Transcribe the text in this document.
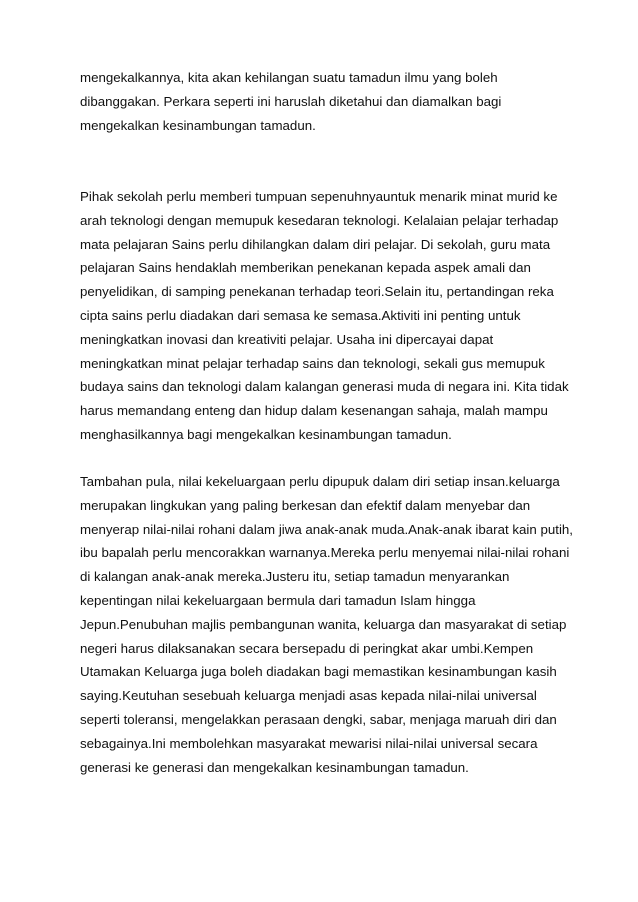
mengekalkannya, kita akan kehilangan suatu tamadun ilmu yang boleh
dibanggakan. Perkara seperti ini haruslah diketahui dan diamalkan bagi
mengekalkan kesinambungan tamadun.

Pihak sekolah perlu memberi tumpuan sepenuhnyauntuk menarik minat murid ke
arah teknologi dengan memupuk kesedaran teknologi. Kelalaian pelajar terhadap
mata pelajaran Sains perlu dihilangkan dalam diri pelajar. Di sekolah, guru mata
pelajaran Sains hendaklah memberikan penekanan kepada aspek amali dan
penyelidikan, di samping penekanan terhadap teori.Selain itu, pertandingan reka
cipta sains perlu diadakan dari semasa ke semasa.Aktiviti ini penting untuk
meningkatkan inovasi dan kreativiti pelajar. Usaha ini dipercayai dapat
meningkatkan minat pelajar terhadap sains dan teknologi, sekali gus memupuk
budaya sains dan teknologi dalam kalangan generasi muda di negara ini. Kita tidak
harus memandang enteng dan hidup dalam kesenangan sahaja, malah mampu
menghasilkannya bagi mengekalkan kesinambungan tamadun.

Tambahan pula, nilai kekeluargaan perlu dipupuk dalam diri setiap insan.keluarga
merupakan lingkukan yang paling berkesan dan efektif dalam menyebar dan
menyerap nilai-nilai rohani dalam jiwa anak-anak muda.Anak-anak ibarat kain putih,
ibu bapalah perlu mencorakkan warnanya.Mereka perlu menyemai nilai-nilai rohani
di kalangan anak-anak mereka.Justeru itu, setiap tamadun menyarankan
kepentingan nilai kekeluargaan bermula dari tamadun Islam hingga
Jepun.Penubuhan majlis pembangunan wanita, keluarga dan masyarakat di setiap
negeri harus dilaksanakan secara bersepadu di peringkat akar umbi.Kempen
Utamakan Keluarga juga boleh diadakan bagi memastikan kesinambungan kasih
saying.Keutuhan sesebuah keluarga menjadi asas kepada nilai-nilai universal
seperti toleransi, mengelakkan perasaan dengki, sabar, menjaga maruah diri dan
sebagainya.Ini membolehkan masyarakat mewarisi nilai-nilai universal secara
generasi ke generasi dan mengekalkan kesinambungan tamadun.
